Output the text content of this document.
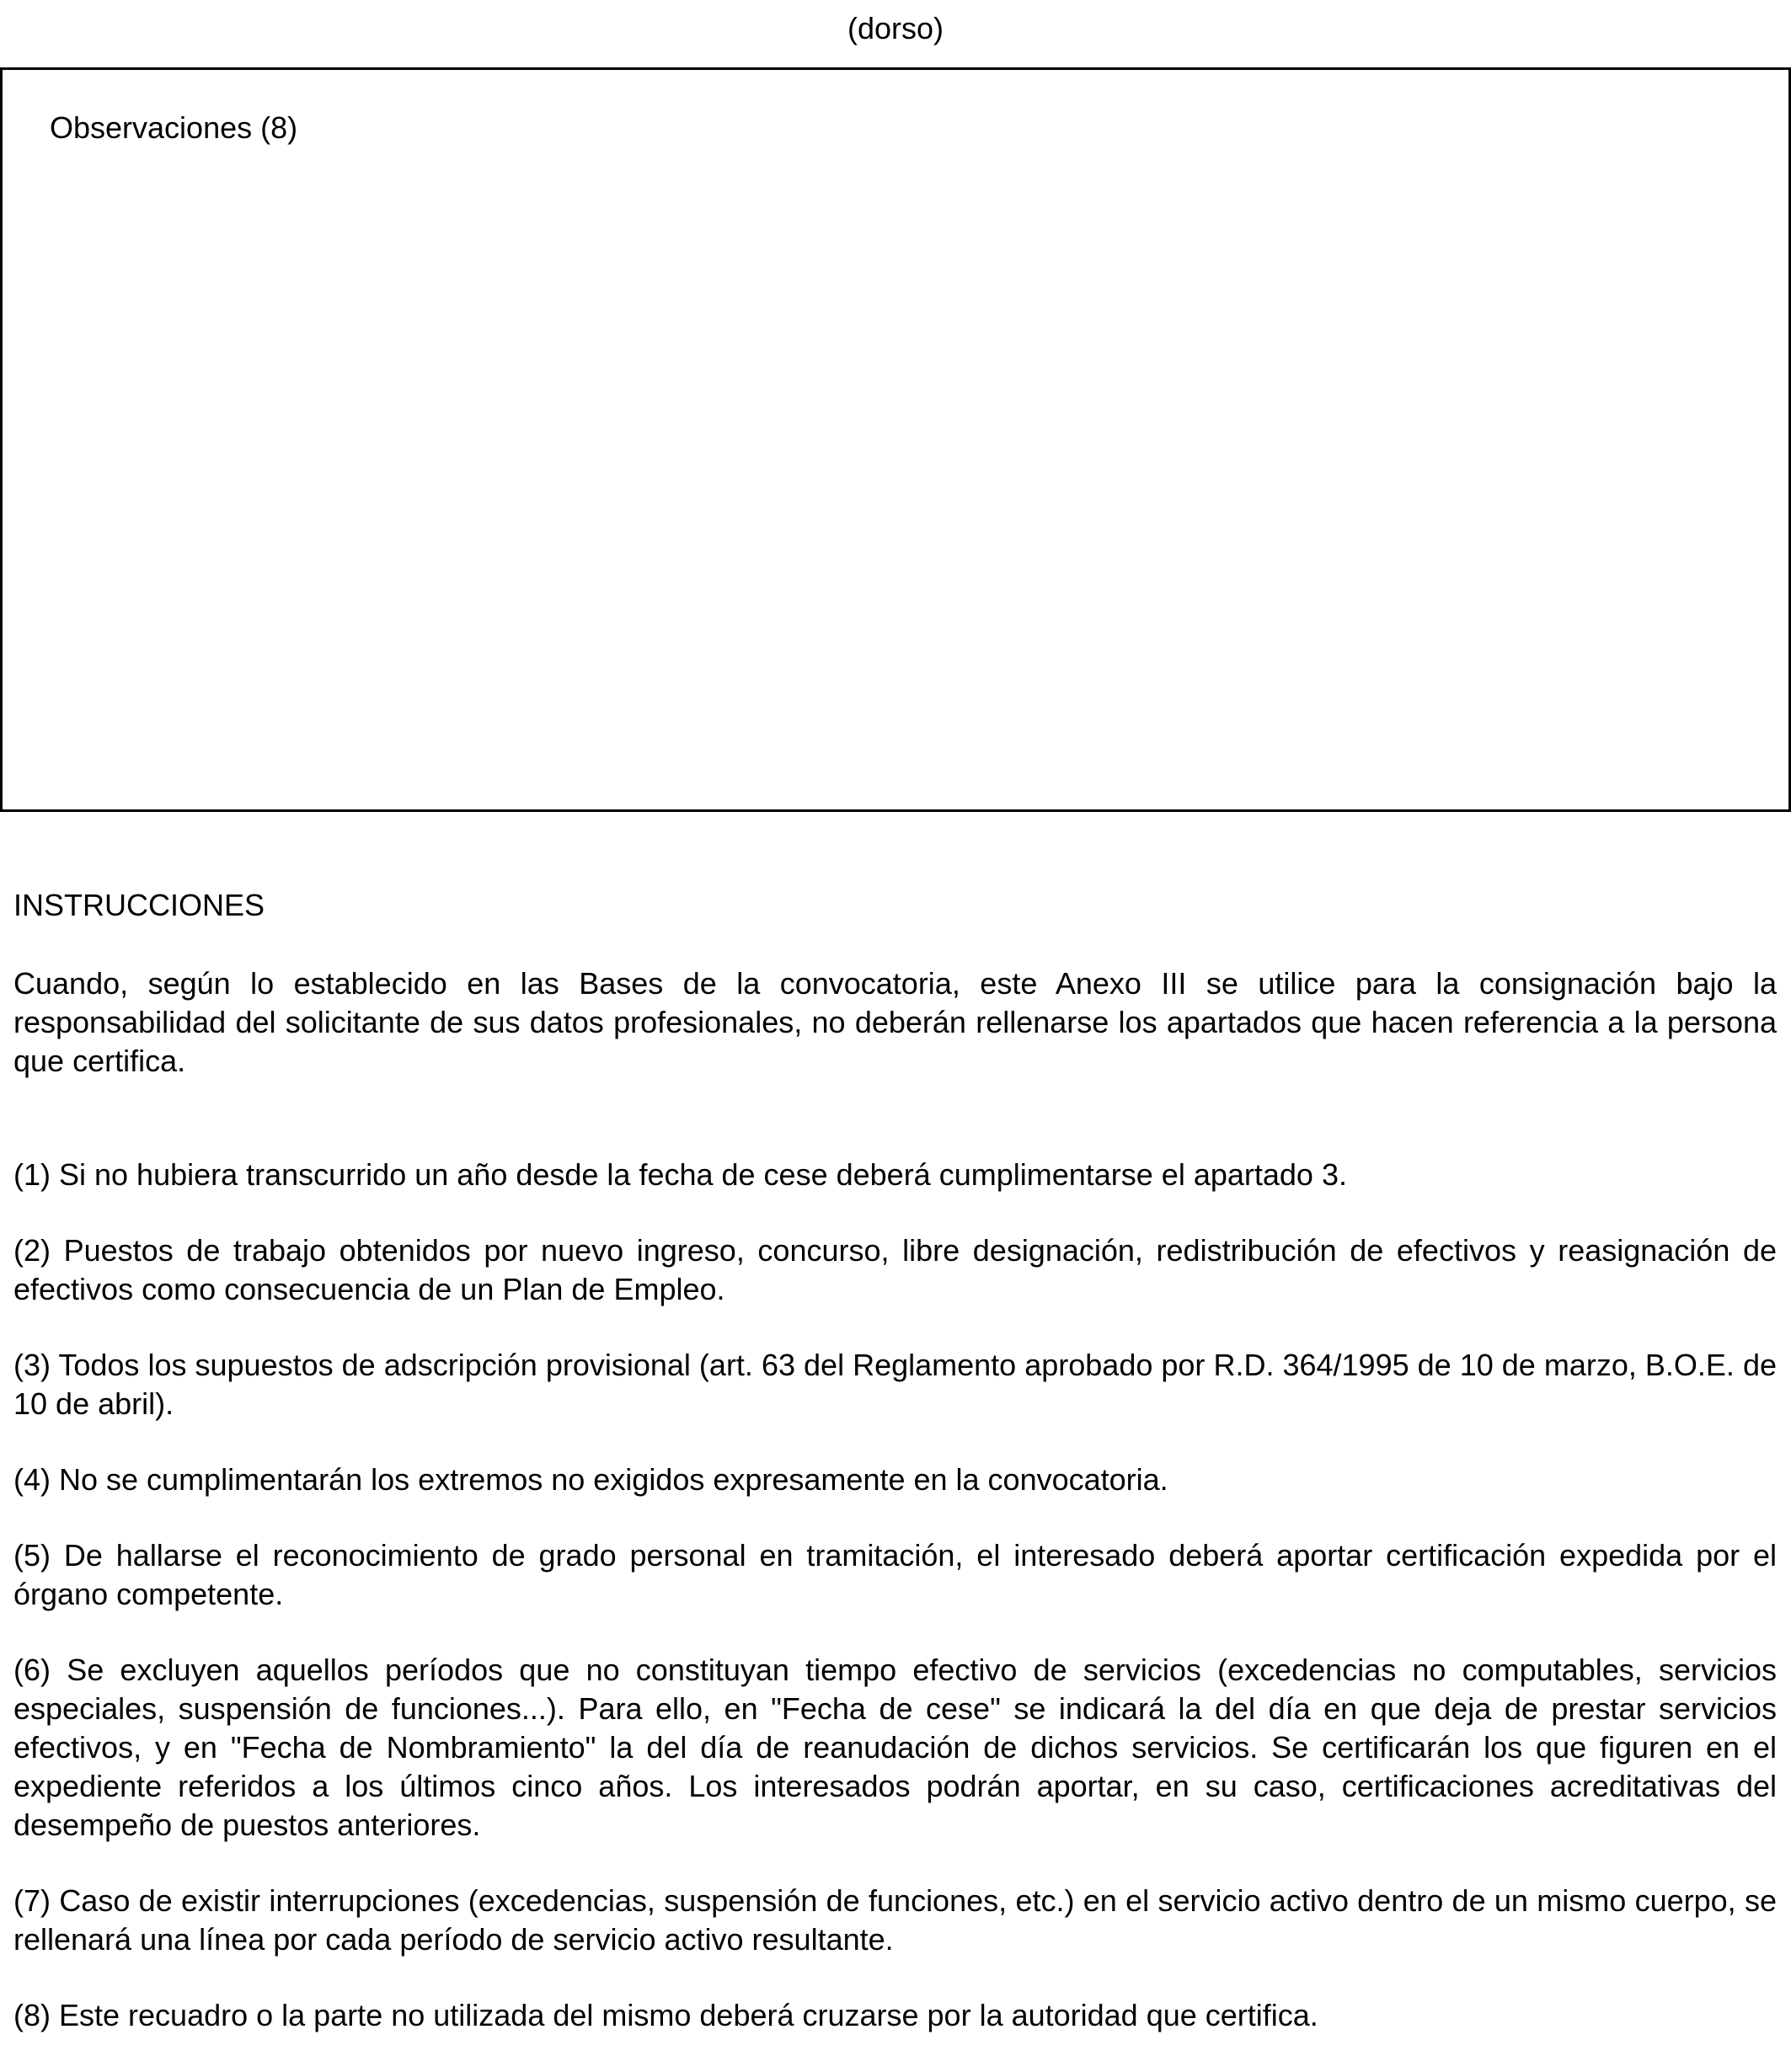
(dorso)
Observaciones (8)

INSTRUCCIONES

Cuando, según lo establecido en las Bases de la convocatoria, este Anexo III se utilice para la consignación bajo la responsabilidad del solicitante de sus datos profesionales, no deberán rellenarse los apartados que hacen referencia a la persona que certifica.

(1) Si no hubiera transcurrido un año desde la fecha de cese deberá cumplimentarse el apartado 3.

(2) Puestos de trabajo obtenidos por nuevo ingreso, concurso, libre designación, redistribución de efectivos y reasignación de efectivos como consecuencia de un Plan de Empleo.

(3) Todos los supuestos de adscripción provisional (art. 63 del Reglamento aprobado por R.D. 364/1995 de 10 de marzo, B.O.E. de 10 de abril).

(4) No se cumplimentarán los extremos no exigidos expresamente en la convocatoria.

(5) De hallarse el reconocimiento de grado personal en tramitación, el interesado deberá aportar certificación expedida por el órgano competente.

(6) Se excluyen aquellos períodos que no constituyan tiempo efectivo de servicios (excedencias no computables, servicios especiales, suspensión de funciones...). Para ello, en "Fecha de cese" se indicará la del día en que deja de prestar servicios efectivos, y en "Fecha de Nombramiento" la del día de reanudación de dichos servicios. Se certificarán los que figuren en el expediente referidos a los últimos cinco años. Los interesados podrán aportar, en su caso, certificaciones acreditativas del desempeño de puestos anteriores.

(7) Caso de existir interrupciones (excedencias, suspensión de funciones, etc.) en el servicio activo dentro de un mismo cuerpo, se rellenará una línea por cada período de servicio activo resultante.

(8) Este recuadro o la parte no utilizada del mismo deberá cruzarse por la autoridad que certifica.
